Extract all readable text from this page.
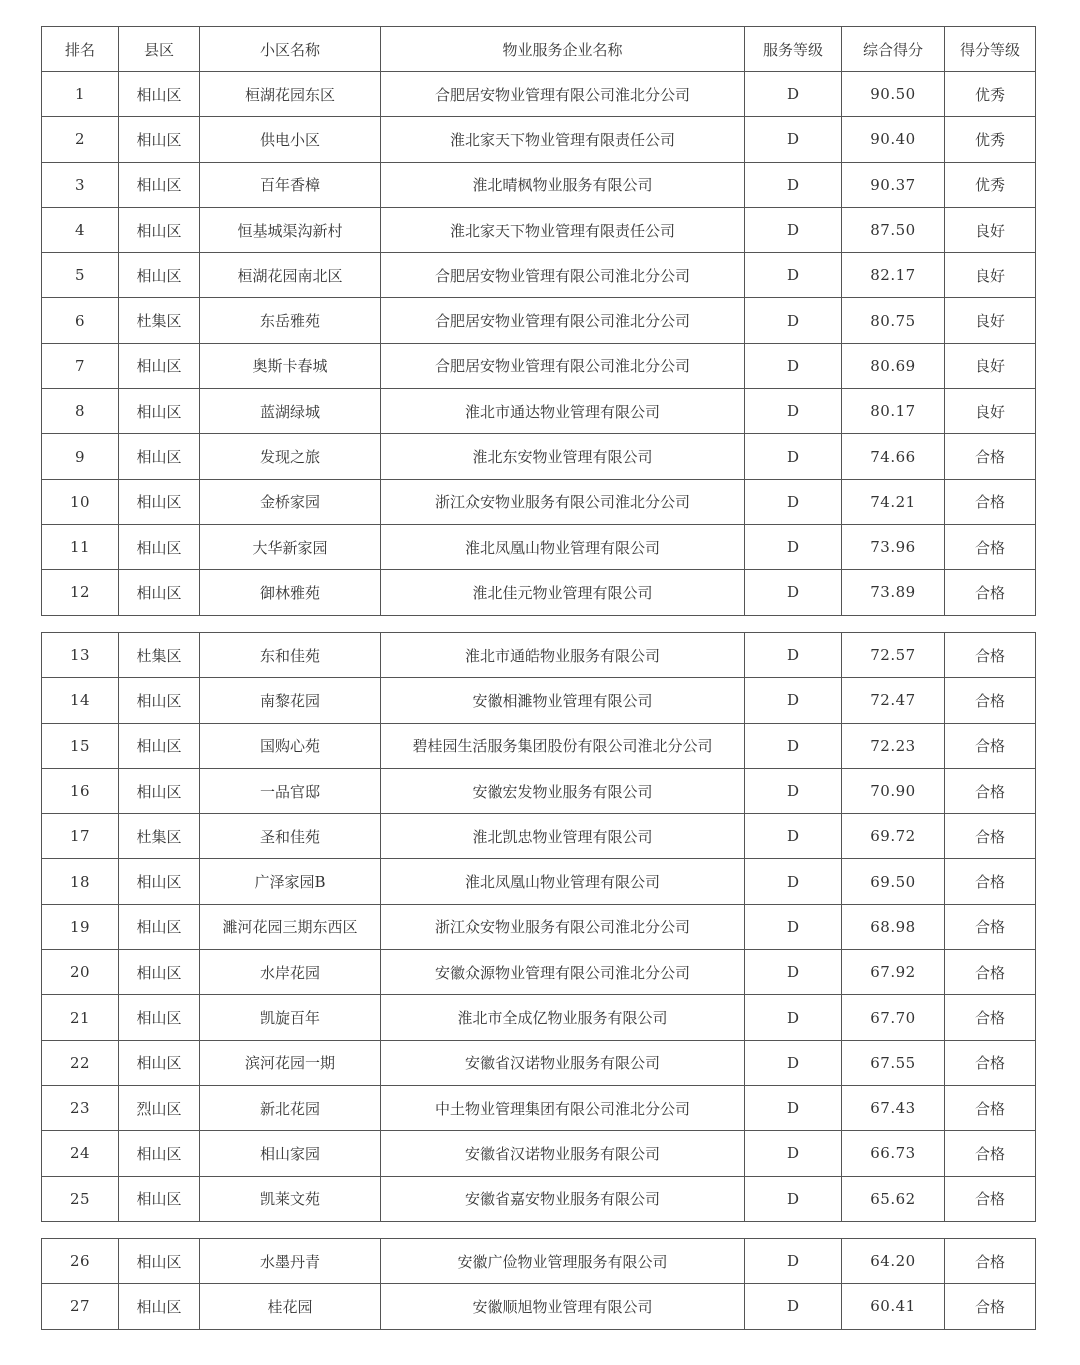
排名	县区	小区名称	物业服务企业名称	服务等级	综合得分	得分等级
1	相山区	桓湖花园东区	合肥居安物业管理有限公司淮北分公司	D	90.50	优秀
2	相山区	供电小区	淮北家天下物业管理有限责任公司	D	90.40	优秀
3	相山区	百年香樟	淮北晴枫物业服务有限公司	D	90.37	优秀
4	相山区	恒基城渠沟新村	淮北家天下物业管理有限责任公司	D	87.50	良好
5	相山区	桓湖花园南北区	合肥居安物业管理有限公司淮北分公司	D	82.17	良好
6	杜集区	东岳雅苑	合肥居安物业管理有限公司淮北分公司	D	80.75	良好
7	相山区	奥斯卡春城	合肥居安物业管理有限公司淮北分公司	D	80.69	良好
8	相山区	蓝湖绿城	淮北市通达物业管理有限公司	D	80.17	良好
9	相山区	发现之旅	淮北东安物业管理有限公司	D	74.66	合格
10	相山区	金桥家园	浙江众安物业服务有限公司淮北分公司	D	74.21	合格
11	相山区	大华新家园	淮北凤凰山物业管理有限公司	D	73.96	合格
12	相山区	御林雅苑	淮北佳元物业管理有限公司	D	73.89	合格
13	杜集区	东和佳苑	淮北市通皓物业服务有限公司	D	72.57	合格
14	相山区	南黎花园	安徽相濉物业管理有限公司	D	72.47	合格
15	相山区	国购心苑	碧桂园生活服务集团股份有限公司淮北分公司	D	72.23	合格
16	相山区	一品官邸	安徽宏发物业服务有限公司	D	70.90	合格
17	杜集区	圣和佳苑	淮北凯忠物业管理有限公司	D	69.72	合格
18	相山区	广泽家园B	淮北凤凰山物业管理有限公司	D	69.50	合格
19	相山区	濉河花园三期东西区	浙江众安物业服务有限公司淮北分公司	D	68.98	合格
20	相山区	水岸花园	安徽众源物业管理有限公司淮北分公司	D	67.92	合格
21	相山区	凯旋百年	淮北市全成亿物业服务有限公司	D	67.70	合格
22	相山区	滨河花园一期	安徽省汉诺物业服务有限公司	D	67.55	合格
23	烈山区	新北花园	中土物业管理集团有限公司淮北分公司	D	67.43	合格
24	相山区	相山家园	安徽省汉诺物业服务有限公司	D	66.73	合格
25	相山区	凯莱文苑	安徽省嘉安物业服务有限公司	D	65.62	合格
26	相山区	水墨丹青	安徽广俭物业管理服务有限公司	D	64.20	合格
27	相山区	桂花园	安徽顺旭物业管理有限公司	D	60.41	合格
